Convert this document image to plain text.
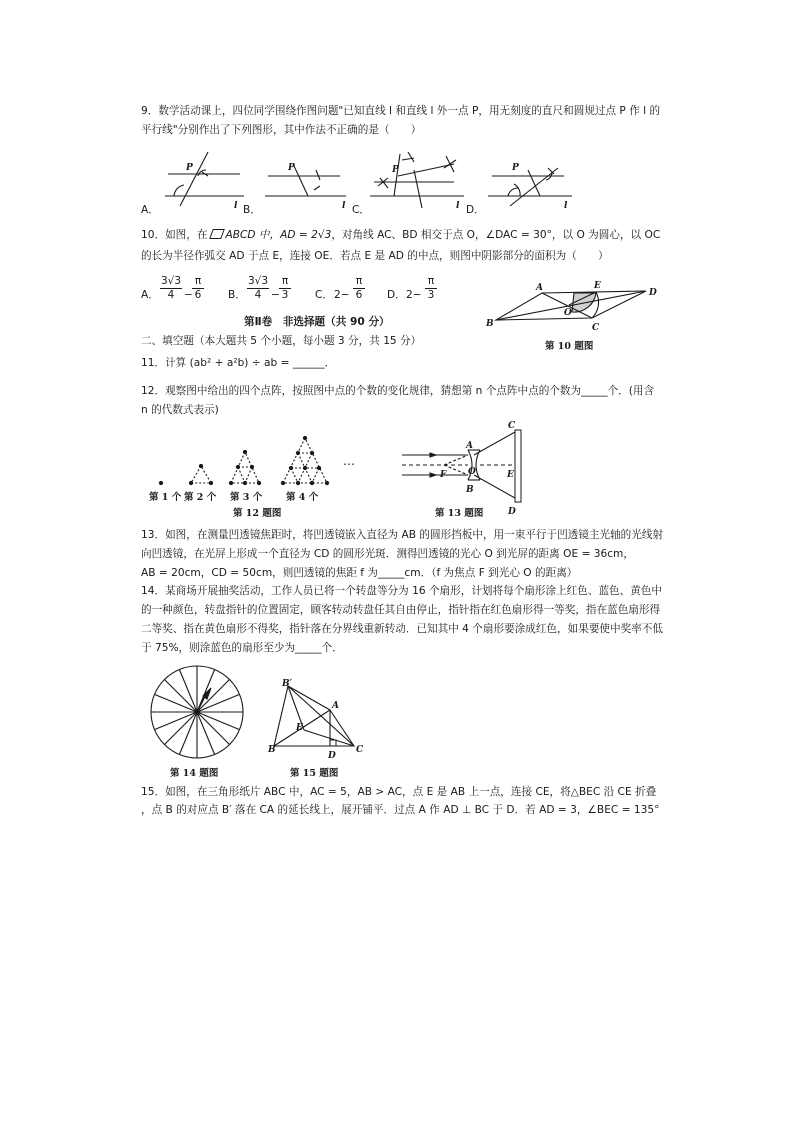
9．数学活动课上，四位同学围绕作图问题"已知直线 l 和直线 l 外一点 P，用无刻度的直尺和圆规过点 P 作 l 的
平行线"分别作出了下列图形，其中作法不正确的是（　　）
P
l
A．
P
l
B．
P
l
C．
P
l
D．
10．如图，在 ABCD 中，AD = 2√3，对角线 AC、BD 相交于点 O，∠DAC = 30°，以 O 为圆心，以 OC
的长为半径作弧交 AD 于点 E，连接 OE．若点 E 是 AD 的中点，则图中阴影部分的面积为（　　）
A．
3√3
4 −
π
6	B．
3√3
4 −
π
3	C． 2−
π
6 D． 2−
π
3
A	E
D
O
B	C
第 10 题图
第Ⅱ卷　非选择题（共 90 分）
二、填空题（本大题共 5 个小题，每小题 3 分，共 15 分）
11．计算 (ab² + a²b) ÷ ab = ______．
12．观察图中给出的四个点阵，按照图中点的个数的变化规律，猜想第 n 个点阵中点的个数为_____个．(用含
n 的代数式表示)
…
第 1 个 第 2 个 第 3 个	第 4 个
第 12 题图
A
C
F O	E
B
D
第 13 题图
13．如图，在测量凹透镜焦距时，将凹透镜嵌入直径为 AB 的圆形挡板中，用一束平行于凹透镜主光轴的光线射
向凹透镜，在光屏上形成一个直径为 CD 的圆形光斑．测得凹透镜的光心 O 到光屏的距离 OE = 36cm，
AB = 20cm，CD = 50cm，则凹透镜的焦距 f 为_____cm．（f 为焦点 F 到光心 O 的距离）
14．某商场开展抽奖活动，工作人员已将一个转盘等分为 16 个扇形，计划将每个扇形涂上红色、蓝色、黄色中
的一种颜色，转盘指针的位置固定，顾客转动转盘任其自由停止，指针指在红色扇形得一等奖，指在蓝色扇形得
二等奖、指在黄色扇形不得奖，指针落在分界线重新转动．已知其中 4 个扇形要涂成红色，如果要使中奖率不低
于 75%，则涂蓝色的扇形至少为_____个．
第 14 题图
B′
A
E
B
D
C
第 15 题图
15．如图，在三角形纸片 ABC 中，AC = 5，AB > AC，点 E 是 AB 上一点，连接 CE，将△BEC 沿 CE 折叠
，点 B 的对应点 B′ 落在 CA 的延长线上，展开铺平．过点 A 作 AD ⊥ BC 于 D．若 AD = 3，∠BEC = 135°
